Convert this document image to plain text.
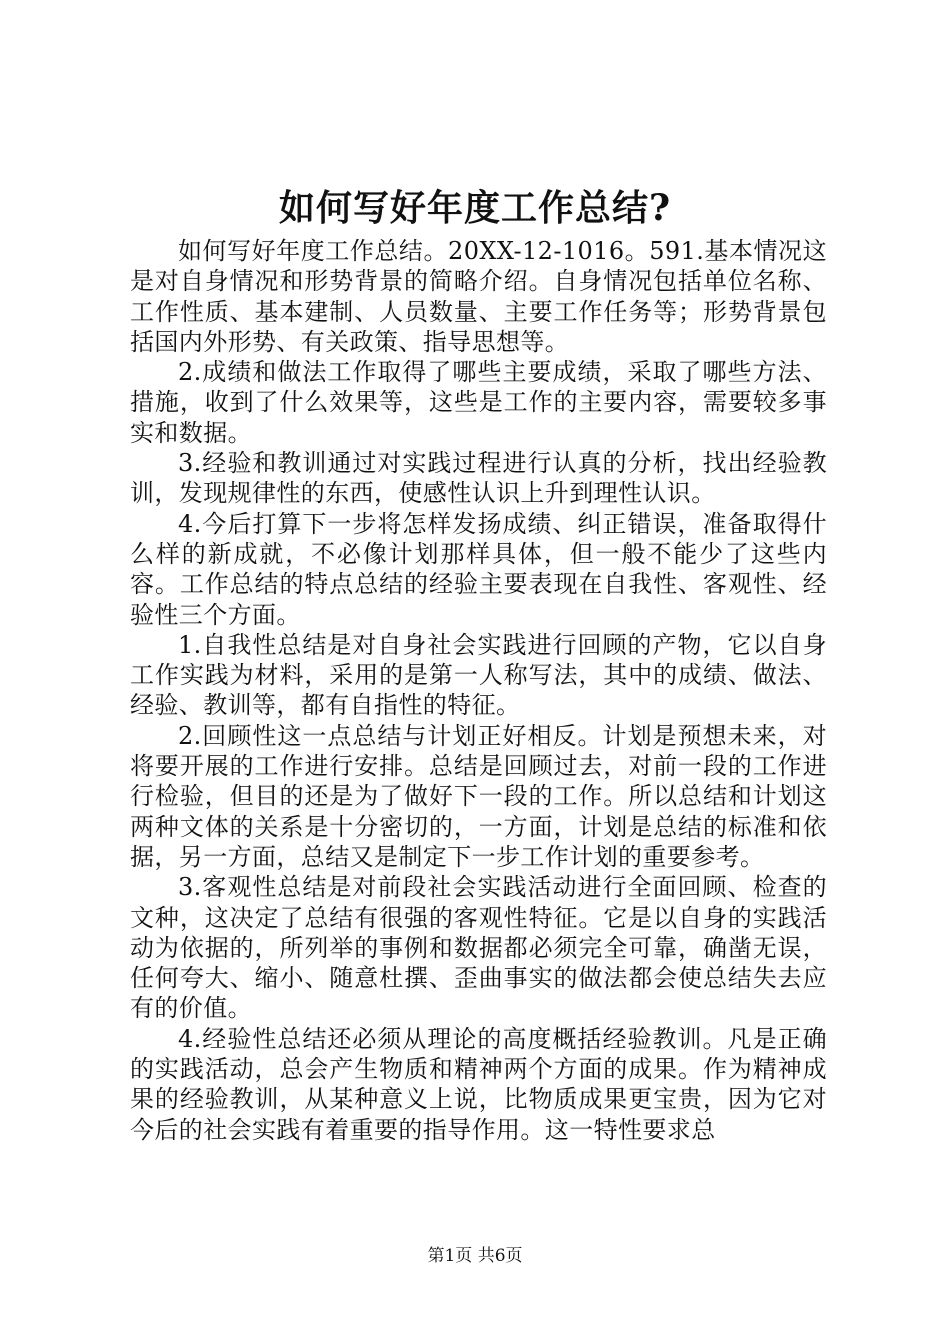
如何写好年度工作总结?

如何写好年度工作总结。20XX-12-1016。591.基本情况这是对自身情况和形势背景的简略介绍。自身情况包括单位名称、工作性质、基本建制、人员数量、主要工作任务等；形势背景包括国内外形势、有关政策、指导思想等。

2.成绩和做法工作取得了哪些主要成绩，采取了哪些方法、措施，收到了什么效果等，这些是工作的主要内容，需要较多事实和数据。

3.经验和教训通过对实践过程进行认真的分析，找出经验教训，发现规律性的东西，使感性认识上升到理性认识。

4.今后打算下一步将怎样发扬成绩、纠正错误，准备取得什么样的新成就，不必像计划那样具体，但一般不能少了这些内容。工作总结的特点总结的经验主要表现在自我性、客观性、经验性三个方面。

1.自我性总结是对自身社会实践进行回顾的产物，它以自身工作实践为材料，采用的是第一人称写法，其中的成绩、做法、经验、教训等，都有自指性的特征。

2.回顾性这一点总结与计划正好相反。计划是预想未来，对将要开展的工作进行安排。总结是回顾过去，对前一段的工作进行检验，但目的还是为了做好下一段的工作。所以总结和计划这两种文体的关系是十分密切的，一方面，计划是总结的标准和依据，另一方面，总结又是制定下一步工作计划的重要参考。

3.客观性总结是对前段社会实践活动进行全面回顾、检查的文种，这决定了总结有很强的客观性特征。它是以自身的实践活动为依据的，所列举的事例和数据都必须完全可靠，确凿无误，任何夸大、缩小、随意杜撰、歪曲事实的做法都会使总结失去应有的价值。

4.经验性总结还必须从理论的高度概括经验教训。凡是正确的实践活动，总会产生物质和精神两个方面的成果。作为精神成果的经验教训，从某种意义上说，比物质成果更宝贵，因为它对今后的社会实践有着重要的指导作用。这一特性要求总

第1页 共6页
